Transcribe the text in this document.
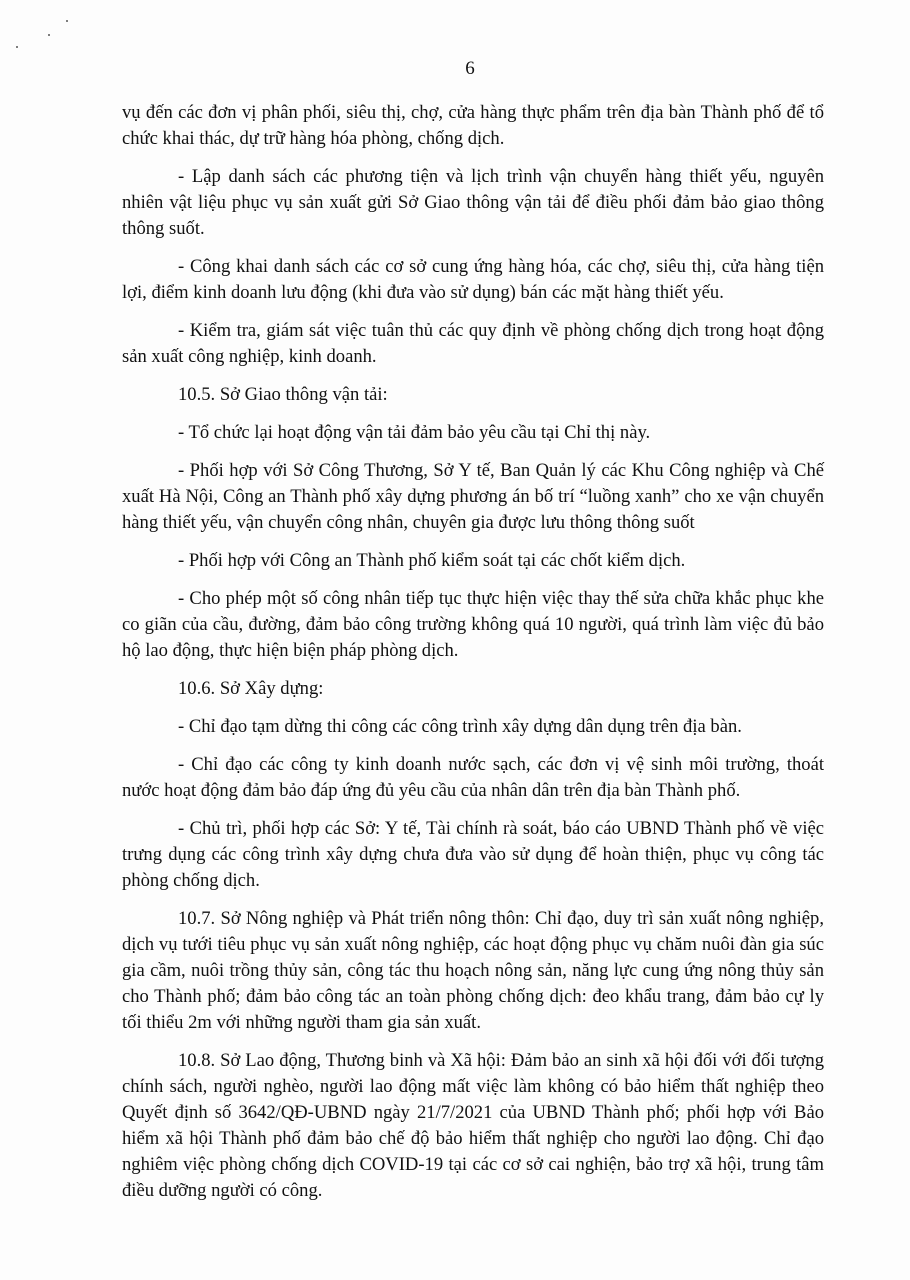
6

vụ đến các đơn vị phân phối, siêu thị, chợ, cửa hàng thực phẩm trên địa bàn Thành phố để tổ chức khai thác, dự trữ hàng hóa phòng, chống dịch.

- Lập danh sách các phương tiện và lịch trình vận chuyển hàng thiết yếu, nguyên nhiên vật liệu phục vụ sản xuất gửi Sở Giao thông vận tải để điều phối đảm bảo giao thông thông suốt.

- Công khai danh sách các cơ sở cung ứng hàng hóa, các chợ, siêu thị, cửa hàng tiện lợi, điểm kinh doanh lưu động (khi đưa vào sử dụng) bán các mặt hàng thiết yếu.

- Kiểm tra, giám sát việc tuân thủ các quy định về phòng chống dịch trong hoạt động sản xuất công nghiệp, kinh doanh.

10.5. Sở Giao thông vận tải:

- Tổ chức lại hoạt động vận tải đảm bảo yêu cầu tại Chỉ thị này.

- Phối hợp với Sở Công Thương, Sở Y tế, Ban Quản lý các Khu Công nghiệp và Chế xuất Hà Nội, Công an Thành phố xây dựng phương án bố trí “luồng xanh” cho xe vận chuyển hàng thiết yếu, vận chuyển công nhân, chuyên gia được lưu thông thông suốt

- Phối hợp với Công an Thành phố kiểm soát tại các chốt kiểm dịch.

- Cho phép một số công nhân tiếp tục thực hiện việc thay thế sửa chữa khắc phục khe co giãn của cầu, đường, đảm bảo công trường không quá 10 người, quá trình làm việc đủ bảo hộ lao động, thực hiện biện pháp phòng dịch.

10.6. Sở Xây dựng:

- Chỉ đạo tạm dừng thi công các công trình xây dựng dân dụng trên địa bàn.

- Chỉ đạo các công ty kinh doanh nước sạch, các đơn vị vệ sinh môi trường, thoát nước hoạt động đảm bảo đáp ứng đủ yêu cầu của nhân dân trên địa bàn Thành phố.

- Chủ trì, phối hợp các Sở: Y tế, Tài chính rà soát, báo cáo UBND Thành phố về việc trưng dụng các công trình xây dựng chưa đưa vào sử dụng để hoàn thiện, phục vụ công tác phòng chống dịch.

10.7. Sở Nông nghiệp và Phát triển nông thôn: Chỉ đạo, duy trì sản xuất nông nghiệp, dịch vụ tưới tiêu phục vụ sản xuất nông nghiệp, các hoạt động phục vụ chăm nuôi đàn gia súc gia cầm, nuôi trồng thủy sản, công tác thu hoạch nông sản, năng lực cung ứng nông thủy sản cho Thành phố; đảm bảo công tác an toàn phòng chống dịch: đeo khẩu trang, đảm bảo cự ly tối thiểu 2m với những người tham gia sản xuất.

10.8. Sở Lao động, Thương binh và Xã hội: Đảm bảo an sinh xã hội đối với đối tượng chính sách, người nghèo, người lao động mất việc làm không có bảo hiểm thất nghiệp theo Quyết định số 3642/QĐ-UBND ngày 21/7/2021 của UBND Thành phố; phối hợp với Bảo hiểm xã hội Thành phố đảm bảo chế độ bảo hiểm thất nghiệp cho người lao động. Chỉ đạo nghiêm việc phòng chống dịch COVID-19 tại các cơ sở cai nghiện, bảo trợ xã hội, trung tâm điều dưỡng người có công.
